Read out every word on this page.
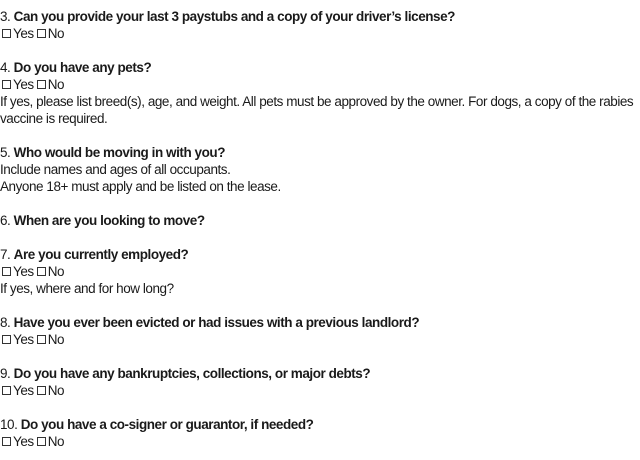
3. Can you provide your last 3 paystubs and a copy of your driver’s license?
Yes No
4. Do you have any pets?
Yes No
If yes, please list breed(s), age, and weight. All pets must be approved by the owner. For dogs, a copy of the rabies vaccine is required.
5. Who would be moving in with you?
Include names and ages of all occupants.
Anyone 18+ must apply and be listed on the lease.
6. When are you looking to move?
7. Are you currently employed?
Yes No
If yes, where and for how long?
8. Have you ever been evicted or had issues with a previous landlord?
Yes No
9. Do you have any bankruptcies, collections, or major debts?
Yes No
10. Do you have a co-signer or guarantor, if needed?
Yes No
